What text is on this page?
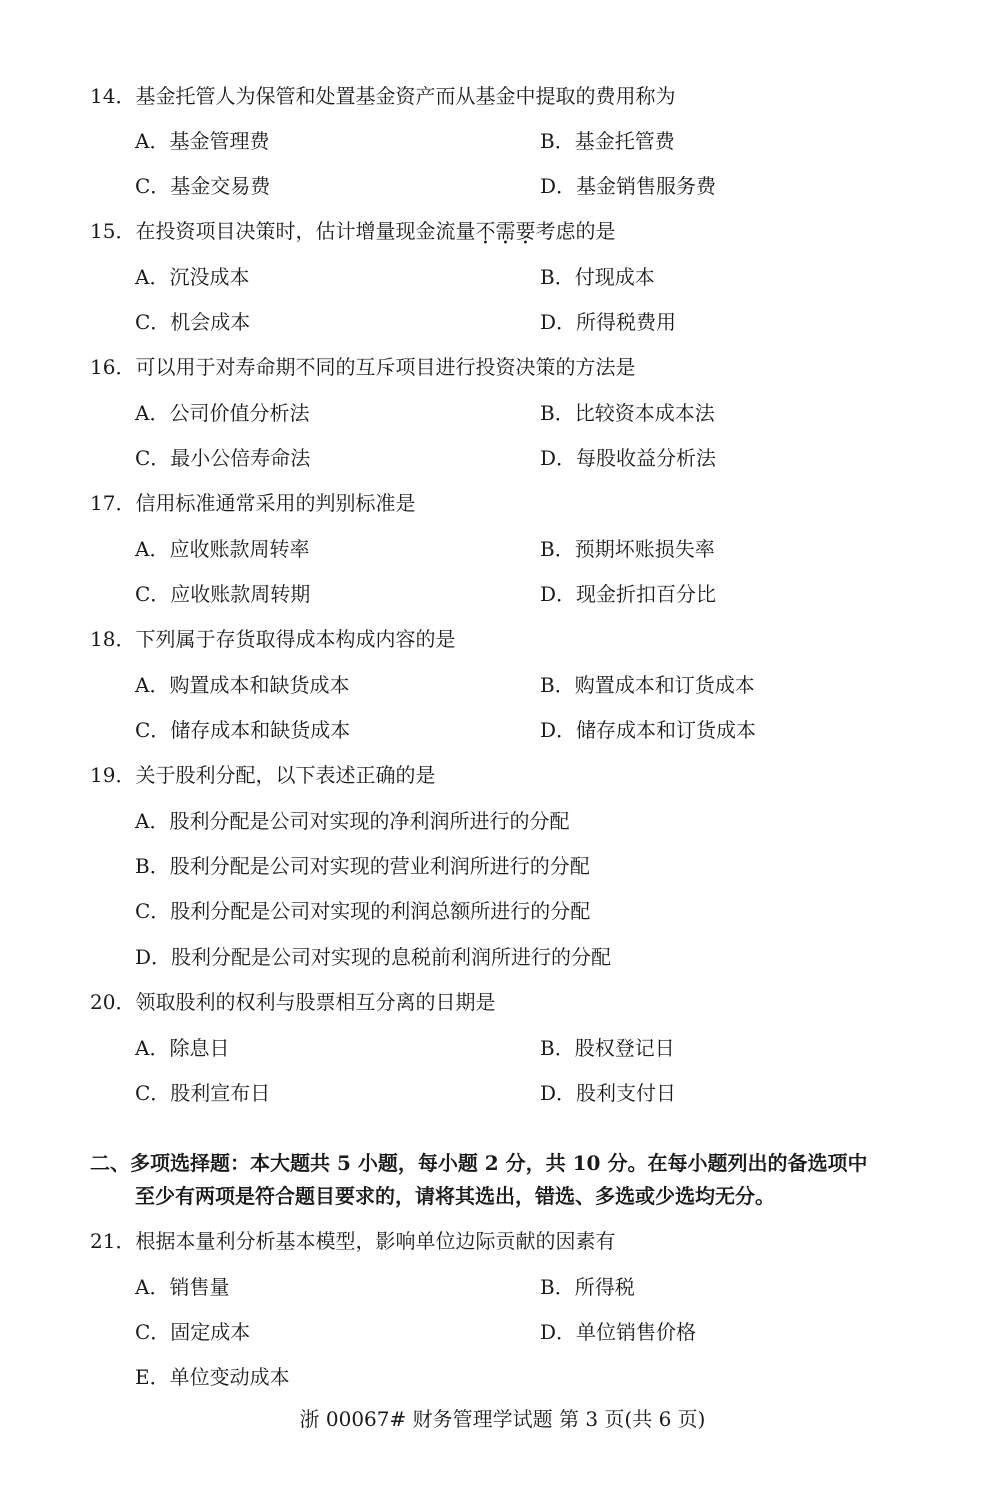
14．基金托管人为保管和处置基金资产而从基金中提取的费用称为
A．基金管理费	B．基金托管费
C．基金交易费	D．基金销售服务费
15．在投资项目决策时，估计增量现金流量不需要考虑的是
A．沉没成本	B．付现成本
C．机会成本	D．所得税费用
16．可以用于对寿命期不同的互斥项目进行投资决策的方法是
A．公司价值分析法	B．比较资本成本法
C．最小公倍寿命法	D．每股收益分析法
17．信用标准通常采用的判别标准是
A．应收账款周转率	B．预期坏账损失率
C．应收账款周转期	D．现金折扣百分比
18．下列属于存货取得成本构成内容的是
A．购置成本和缺货成本	B．购置成本和订货成本
C．储存成本和缺货成本	D．储存成本和订货成本
19．关于股利分配，以下表述正确的是
A．股利分配是公司对实现的净利润所进行的分配
B．股利分配是公司对实现的营业利润所进行的分配
C．股利分配是公司对实现的利润总额所进行的分配
D．股利分配是公司对实现的息税前利润所进行的分配
20．领取股利的权利与股票相互分离的日期是
A．除息日	B．股权登记日
C．股利宣布日	D．股利支付日
二、多项选择题：本大题共 5 小题，每小题 2 分，共 10 分。在每小题列出的备选项中
至少有两项是符合题目要求的，请将其选出，错选、多选或少选均无分。
21．根据本量利分析基本模型，影响单位边际贡献的因素有
A．销售量	B．所得税
C．固定成本	D．单位销售价格
E．单位变动成本
浙 00067# 财务管理学试题 第 3 页(共 6 页)
